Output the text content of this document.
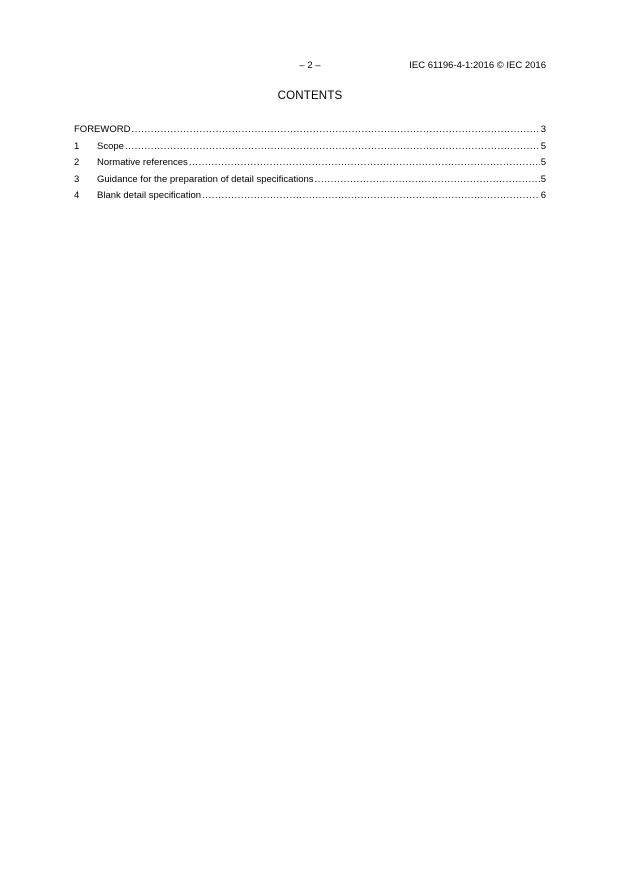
– 2 –	IEC 61196-4-1:2016 © IEC 2016
CONTENTS
FOREWORD .....	3
1	Scope .....	5
2	Normative references .....	5
3	Guidance for the preparation of detail specifications .....	5
4	Blank detail specification .....	6
